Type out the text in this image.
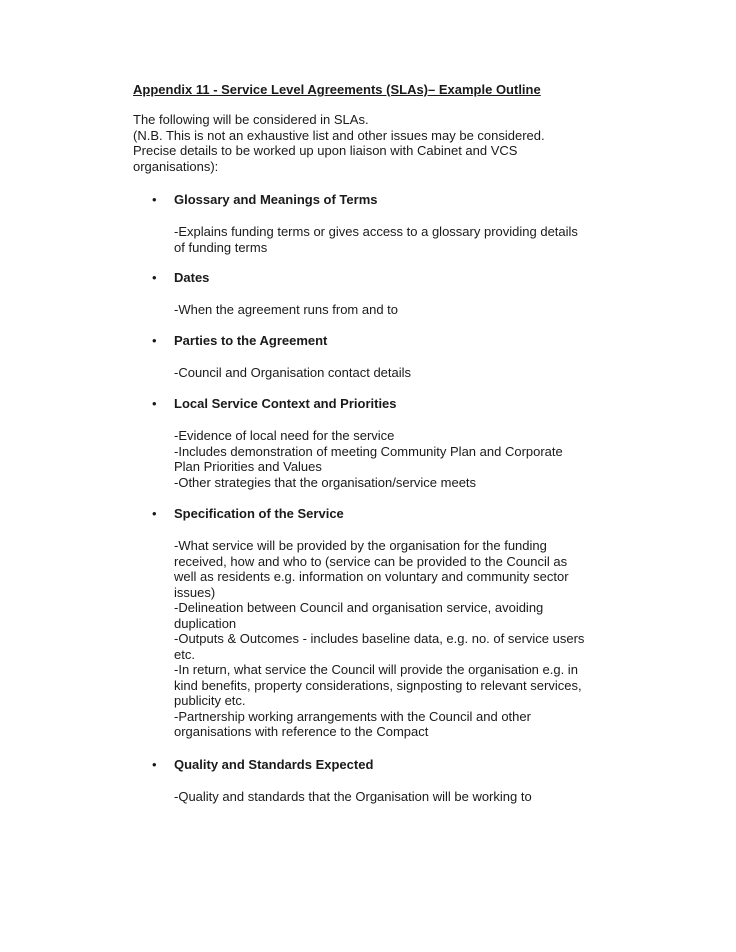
Appendix 11 - Service Level Agreements (SLAs)– Example Outline
The following will be considered in SLAs.
(N.B. This is not an exhaustive list and other issues may be considered.
Precise details to be worked up upon liaison with Cabinet and VCS
organisations):
• Glossary and Meanings of Terms
-Explains funding terms or gives access to a glossary providing details
of funding terms
• Dates
-When the agreement runs from and to
• Parties to the Agreement
-Council and Organisation contact details
• Local Service Context and Priorities
-Evidence of local need for the service
-Includes demonstration of meeting Community Plan and Corporate
Plan Priorities and Values
-Other strategies that the organisation/service meets
• Specification of the Service
-What service will be provided by the organisation for the funding
received, how and who to (service can be provided to the Council as
well as residents e.g. information on voluntary and community sector
issues)
-Delineation between Council and organisation service, avoiding
duplication
-Outputs & Outcomes - includes baseline data, e.g. no. of service users
etc.
-In return, what service the Council will provide the organisation e.g. in
kind benefits, property considerations, signposting to relevant services,
publicity etc.
-Partnership working arrangements with the Council and other
organisations with reference to the Compact
• Quality and Standards Expected
-Quality and standards that the Organisation will be working to
